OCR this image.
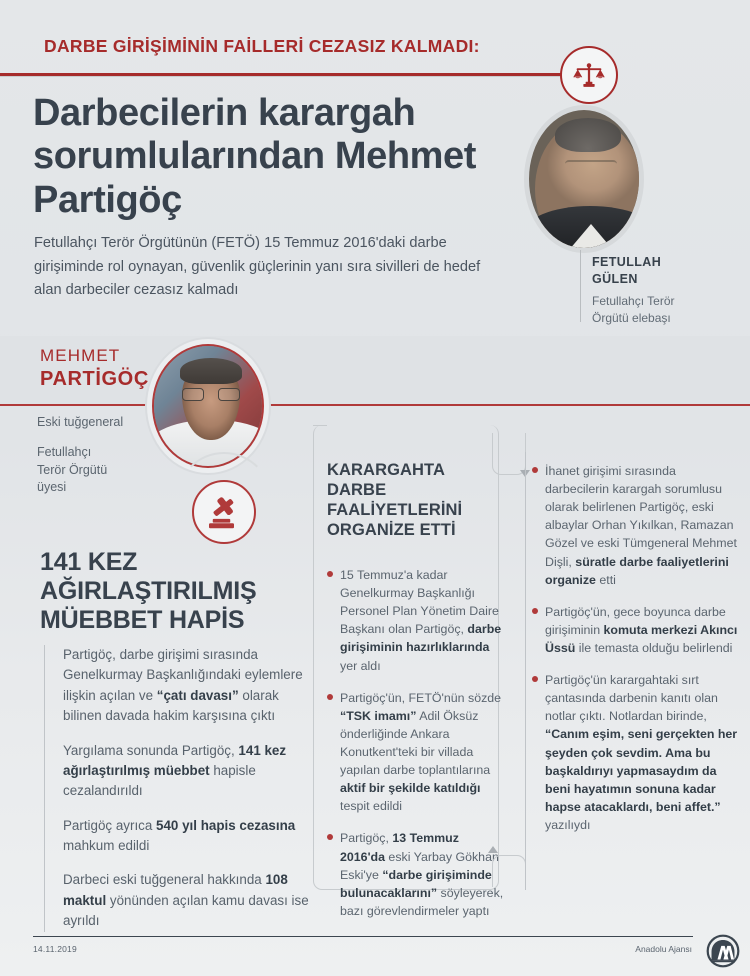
DARBE GİRİŞİMİNİN FAİLLERİ CEZASIZ KALMADI:
Darbecilerin karargah sorumlularından Mehmet Partigöç
Fetullahçı Terör Örgütünün (FETÖ) 15 Temmuz 2016'daki darbe girişiminde rol oynayan, güvenlik güçlerinin yanı sıra sivilleri de hedef alan darbeciler cezasız kalmadı
FETULLAH
GÜLEN
Fetullahçı Terör
Örgütü elebaşı
MEHMET
PARTİGÖÇ
Eski tuğgeneral
Fetullahçı
Terör Örgütü
üyesi
141 KEZ AĞIRLAŞTIRILMIŞ MÜEBBET HAPİS
Partigöç, darbe girişimi sırasında Genelkurmay Başkanlığındaki eylemlere ilişkin açılan ve “çatı davası” olarak bilinen davada hakim karşısına çıktı
Yargılama sonunda Partigöç, 141 kez ağırlaştırılmış müebbet hapisle cezalandırıldı
Partigöç ayrıca 540 yıl hapis cezasına mahkum edildi
Darbeci eski tuğgeneral hakkında 108 maktul yönünden açılan kamu davası ise ayrıldı
KARARGAHTA DARBE FAALİYETLERİNİ ORGANİZE ETTİ
15 Temmuz'a kadar Genelkurmay Başkanlığı Personel Plan Yönetim Daire Başkanı olan Partigöç, darbe girişiminin hazırlıklarında yer aldı
Partigöç'ün, FETÖ'nün sözde “TSK imamı” Adil Öksüz önderliğinde Ankara Konutkent'teki bir villada yapılan darbe toplantılarına aktif bir şekilde katıldığı tespit edildi
Partigöç, 13 Temmuz 2016'da eski Yarbay Gökhan Eski'ye “darbe girişiminde bulunacaklarını” söyleyerek, bazı görevlendirmeler yaptı
İhanet girişimi sırasında darbecilerin karargah sorumlusu olarak belirlenen Partigöç, eski albaylar Orhan Yıkılkan, Ramazan Gözel ve eski Tümgeneral Mehmet Dişli, süratle darbe faaliyetlerini organize etti
Partigöç'ün, gece boyunca darbe girişiminin komuta merkezi Akıncı Üssü ile temasta olduğu belirlendi
Partigöç'ün karargahtaki sırt çantasında darbenin kanıtı olan notlar çıktı. Notlardan birinde, “Canım eşim, seni gerçekten her şeyden çok sevdim. Ama bu başkaldırıyı yapmasaydım da beni hayatımın sonuna kadar hapse atacaklardı, beni affet.” yazılıydı
14.11.2019	Anadolu Ajansı
